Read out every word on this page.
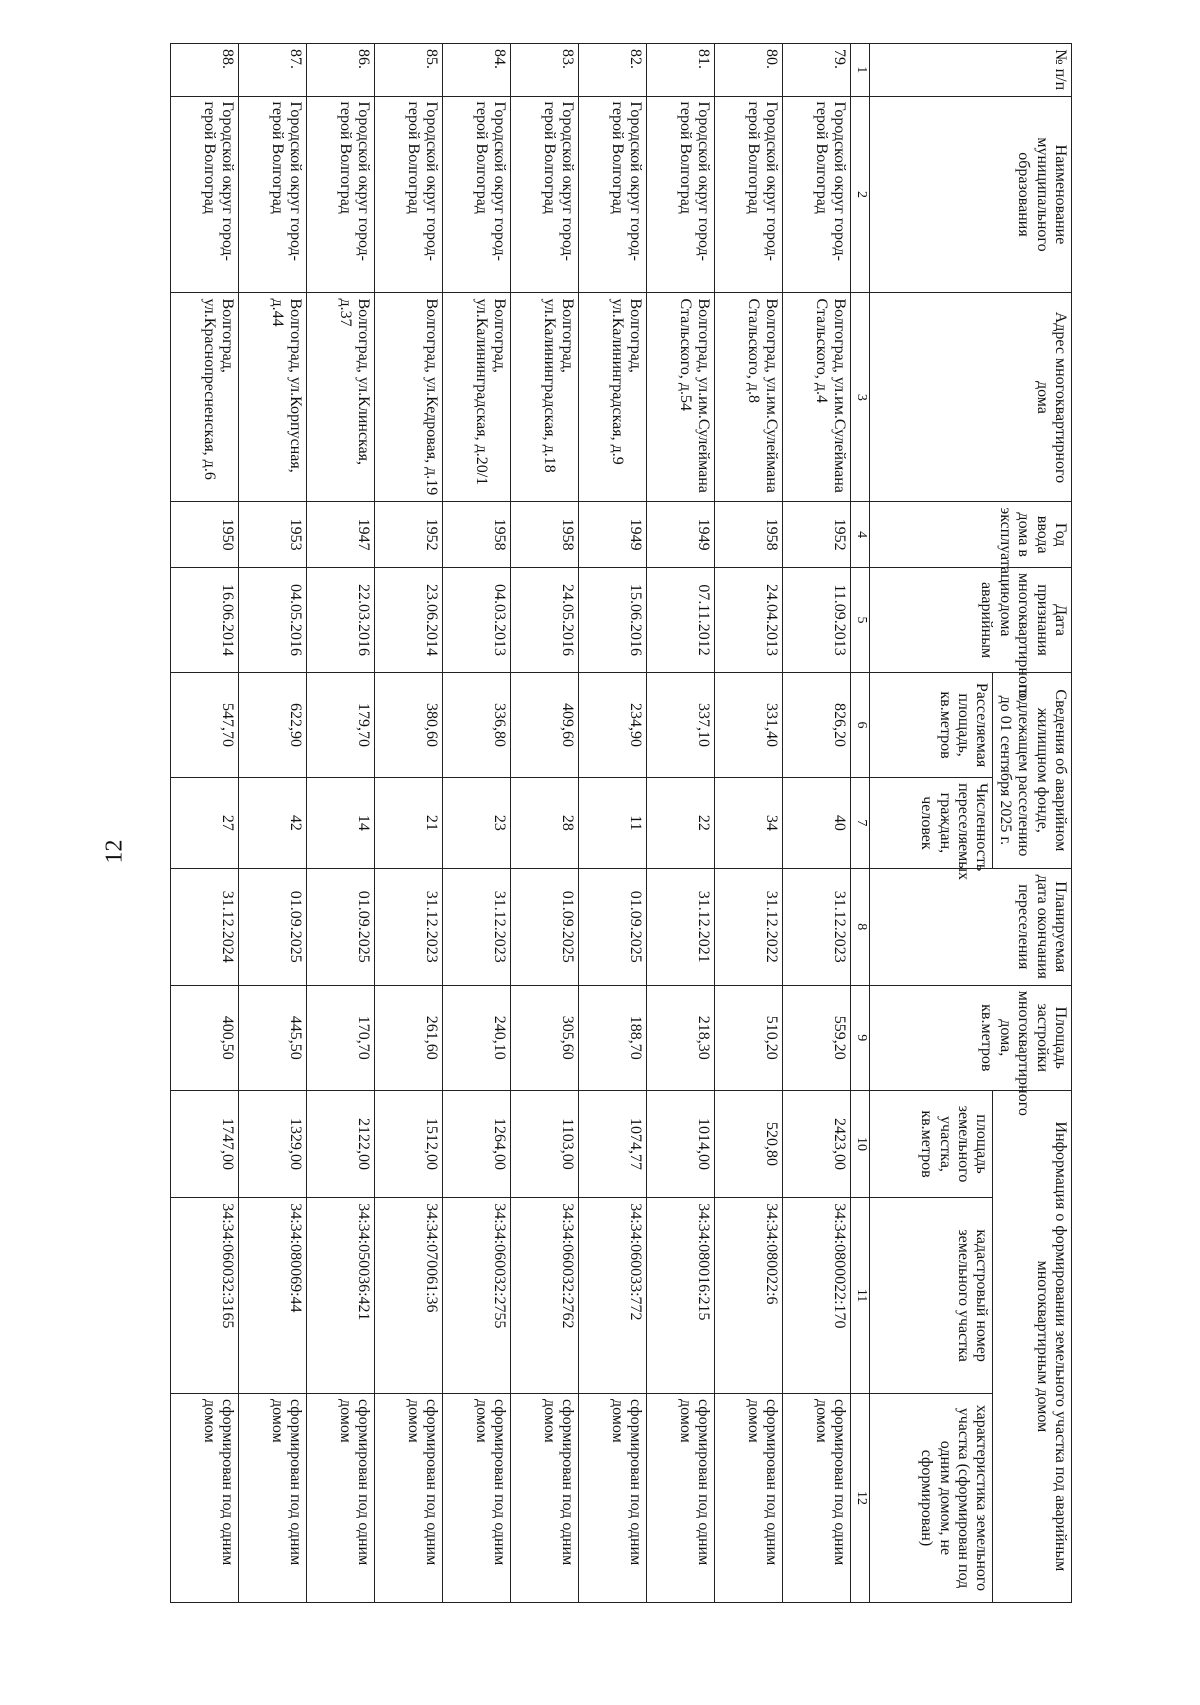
12
№ п/п	Наименование муниципального образования	Адрес многоквартирного дома	Год ввода дома в эксплуатацию	Дата признания многоквартирного дома аварийным	Сведения об аварийном жилищном фонде, подлежащем расселению до 01 сентября 2025 г.		Планируемая дата окончания переселения	Площадь застройки многоквартирного дома, кв.метров	Информация о формировании земельного участка под аварийным многоквартирным домом		
					Расселяемая площадь, кв.метров	Численность переселяемых граждан, человек			площадь земельного участка, кв.метров	кадастровый номер земельного участка	характеристика земельного участка (сформирован под одним домом, не сформирован)
1	2	3	4	5	6	7	8	9	10	11	12
79.	Городской округ город-герой Волгоград	Волгоград, ул.им.Сулейманa Стальского, д.4	1952	11.09.2013	826,20	40	31.12.2023	559,20	2423,00	34:34:0800022:170	сформирован под одним домом
80.	Городской округ город-герой Волгоград	Волгоград, ул.им.Сулеймана Стальского, д.8	1958	24.04.2013	331,40	34	31.12.2022	510,20	520,80	34:34:080022:6	сформирован под одним домом
81.	Городской округ город-герой Волгоград	Волгоград, ул.им.Сулеймана Стальского, д.54	1949	07.11.2012	337,10	22	31.12.2021	218,30	1014,00	34:34:080016:215	сформирован под одним домом
82.	Городской округ город-герой Волгоград	Волгоград, ул.Калининградская, д.9	1949	15.06.2016	234,90	11	01.09.2025	188,70	1074,77	34:34:060033:772	сформирован под одним домом
83.	Городской округ город-герой Волгоград	Волгоград, ул.Калининградская, д.18	1958	24.05.2016	409,60	28	01.09.2025	305,60	1103,00	34:34:060032:2762	сформирован под одним домом
84.	Городской округ город-герой Волгоград	Волгоград, ул.Калининградская, д.20/1	1958	04.03.2013	336,80	23	31.12.2023	240,10	1264,00	34:34:060032:2755	сформирован под одним домом
85.	Городской округ город-герой Волгоград	Волгоград, ул.Кедровая, д.19	1952	23.06.2014	380,60	21	31.12.2023	261,60	1512,00	34:34:070061:36	сформирован под одним домом
86.	Городской округ город-герой Волгоград	Волгоград, ул.Клинская, д.37	1947	22.03.2016	179,70	14	01.09.2025	170,70	2122,00	34:34:050036:421	сформирован под одним домом
87.	Городской округ город-герой Волгоград	Волгоград, ул.Корпусная, д.44	1953	04.05.2016	622,90	42	01.09.2025	445,50	1329,00	34:34:080069:44	сформирован под одним домом
88.	Городской округ город-герой Волгоград	Волгоград, ул.Краснопресненская, д.6	1950	16.06.2014	547,70	27	31.12.2024	400,50	1747,00	34:34:060032:3165	сформирован под одним домом
